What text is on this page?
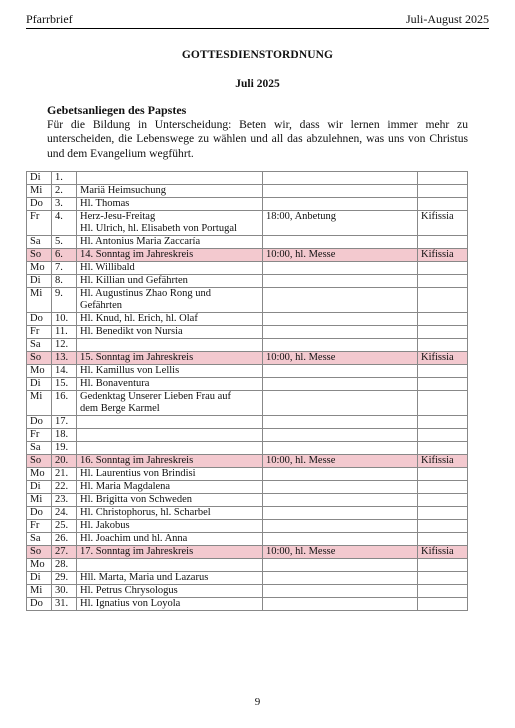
Pfarrbrief	Juli-August 2025
GOTTESDIENSTORDNUNG
Juli 2025
Gebetsanliegen des Papstes
Für die Bildung in Unterscheidung: Beten wir, dass wir lernen immer mehr zu unterscheiden, die Lebenswege zu wählen und all das abzulehnen, was uns von Christus und dem Evangelium wegführt.
Di	1.	

Mi	2.	Mariä Heimsuchung		

Do	3.	Hl. Thomas		

Fr	4.	Herz-Jesu-Freitag
Hl. Ulrich, hl. Elisabeth von Portugal	18:00, Anbetung	Kifissia
Sa	5.	Hl. Antonius Maria Zaccaría		

So	6.	14. Sonntag im Jahreskreis	10:00, hl. Messe	Kifissia
Mo	7.	Hl. Willibald		

Di	8.	Hl. Killian und Gefährten		

Mi	9.	Hl. Augustinus Zhao Rong und
Gefährten		

Do	10.	Hl. Knud, hl. Erich, hl. Olaf		

Fr	11.	Hl. Benedikt von Nursia		

Sa	12.	

So	13.	15. Sonntag im Jahreskreis	10:00, hl. Messe	Kifissia
Mo	14.	Hl. Kamillus von Lellis		

Di	15.	Hl. Bonaventura		

Mi	16.	Gedenktag Unserer Lieben Frau auf
dem Berge Karmel		

Do	17.	

Fr	18.	

Sa	19.	

So	20.	16. Sonntag im Jahreskreis	10:00, hl. Messe	Kifissia
Mo	21.	Hl. Laurentius von Brindisi		

Di	22.	Hl. Maria Magdalena		

Mi	23.	Hl. Brigitta von Schweden		

Do	24.	Hl. Christophorus, hl. Scharbel		

Fr	25.	Hl. Jakobus		

Sa	26.	Hl. Joachim und hl. Anna		

So	27.	17. Sonntag im Jahreskreis	10:00, hl. Messe	Kifissia
Mo	28.	

Di	29.	Hll. Marta, Maria und Lazarus		

Mi	30.	Hl. Petrus Chrysologus		

Do	31.	Hl. Ignatius von Loyola		

9
